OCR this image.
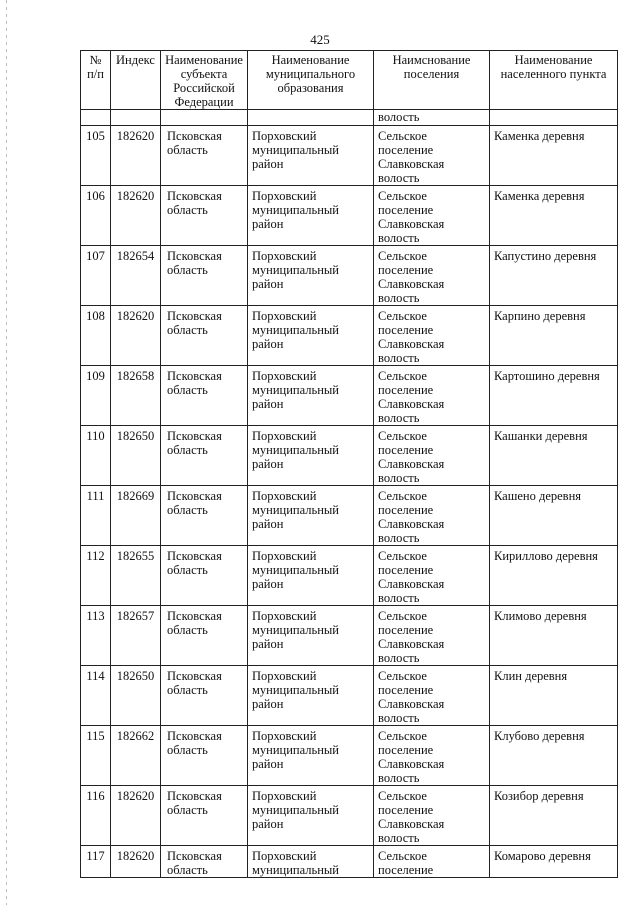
425
№ п/п	Индекс	Наименование субъекта Российской Федерации	Наименование муниципального образования	Наимснование поселения	Наименование населенного пункта
				волость	
105	182620	Псковская область	Порховский муниципальный район	Сельское поселение Славковская волость	Каменка деревня
106	182620	Псковская область	Порховский муниципальный район	Сельское поселение Славковская волость	Каменка деревня
107	182654	Псковская область	Порховский муниципальный район	Сельское поселение Славковская волость	Капустино деревня
108	182620	Псковская область	Порховский муниципальный район	Сельское поселение Славковская волость	Карпино деревня
109	182658	Псковская область	Порховский муниципальный район	Сельское поселение Славковская волость	Картошино деревня
110	182650	Псковская область	Порховский муниципальный район	Сельское поселение Славковская волость	Кашанки деревня
111	182669	Псковская область	Порховский муниципальный район	Сельское поселение Славковская волость	Кашено деревня
112	182655	Псковская область	Порховский муниципальный район	Сельское поселение Славковская волость	Кириллово деревня
113	182657	Псковская область	Порховский муниципальный район	Сельское поселение Славковская волость	Климово деревня
114	182650	Псковская область	Порховский муниципальный район	Сельское поселение Славковская волость	Клин деревня
115	182662	Псковская область	Порховский муниципальный район	Сельское поселение Славковская волость	Клубово деревня
116	182620	Псковская область	Порховский муниципальный район	Сельское поселение Славковская волость	Козибор деревня
117	182620	Псковская область	Порховский муниципальный	Сельское поселение	Комарово деревня
